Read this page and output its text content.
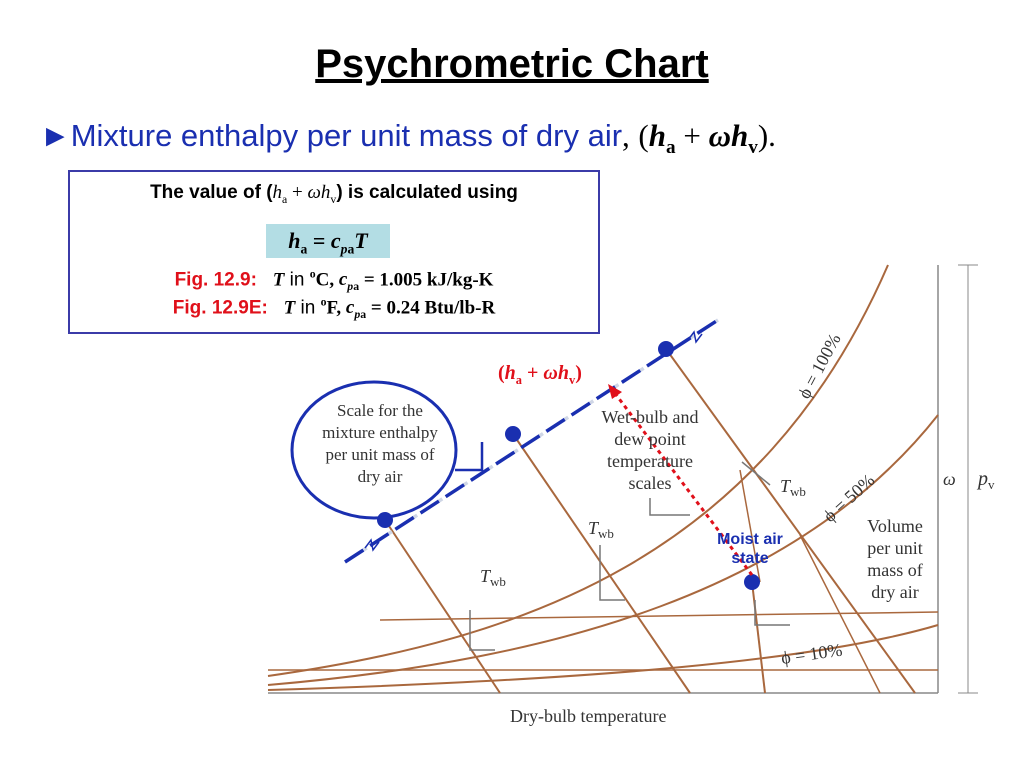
Psychrometric Chart
►Mixture enthalpy per unit mass of dry air, $(h_a + \omega h_v)$.
The value of $(h_a + \omega h_v)$ is calculated using
$h_a = c_{pa}T$
Fig. 12.9: T in $^o$C, $c_{pa} = 1.005$ kJ/kg-K
Fig. 12.9E: T in $^o$F, $c_{pa} = 0.24$ Btu/lb-R
ϕ = 100%
ϕ = 50%
ϕ = 10%
$T_{wb}$
$T_{wb}$
$T_{wb}$
ω $p_v$
Dry-bulb temperature
Wet-bulb and
dew point
temperature
scales
Volume
per unit
mass of
dry air
Scale for the
mixture enthalpy
per unit mass of
dry air
$(h_a + \omega h_v)$
Moist air
state
